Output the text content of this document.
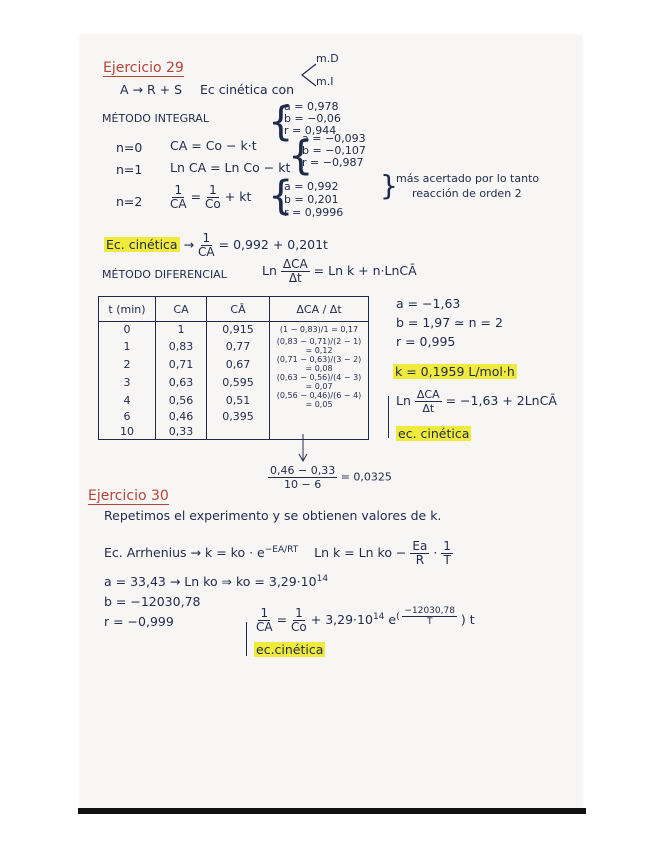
Ejercicio 29
A → R + S Ec cinética con
m.D
m.I
MÉTODO INTEGRAL
n=0 CA = Co − k·t
{
a = 0,978
b = −0,06
r = 0,944
n=1 Ln CA = Ln Co − kt
{
a = −0,093
b = −0,107
r = −0,987
$n=2 \frac{1}{CA} = \frac{1}{Co}$ + kt {
a = 0,992
b = 0,201
r = 0,9996
}
más acertado por lo tanto
reacción de orden 2
Ec. cinética → $\frac{1}{CA} = 0,992 + 0,201t$
MÉTODO DIFERENCIAL	Ln $\frac{\text{ΔCA}}{\Delta t} = Ln$ k + n·LnCĀ
t (min)	CA	CĀ	ΔCA / Δt
0	1	0,915	(1 − 0,83)/1 = 0,17
1	0,83	0,77	(0,83 − 0,71)/(2 − 1) = 0,12
2	0,71	0,67	(0,71 − 0,63)/(3 − 2) = 0,08
3	0,63	0,595	(0,63 − 0,56)/(4 − 3) = 0,07
4	0,56	0,51	(0,56 − 0,46)/(6 − 4) = 0,05
6	0,46	0,395	
10	0,33		
$\frac{0,46 - 0,33}{10 - 6} = 0,0325$
a = −1,63
b = 1,97 ≃ n = 2
r = 0,995
k = 0,1959 L/mol·h
Ln $\frac{\text{ΔCA}}{\Delta t} = -1,63$ + 2LnCĀ
ec. cinética
Ejercicio 30
Repetimos el experimento y se obtienen valores de k.
Ec. Arrhenius → k = ko · $e^{-EA/RT}$ Ln k = Ln ko − $\frac{Ea}{R} \cdot \frac{1}{T}$
a = 33,43 → Ln ko ⇒ ko = $3,29\cdot 10^{14}$
b = −12030,78
r = −0,999	$\frac{1}{CA} = \frac{1}{Co} + 3,29\cdot 10^{14}$ $e^{( \frac{-12030,78}{T}}$ ) t
ec.cinética
